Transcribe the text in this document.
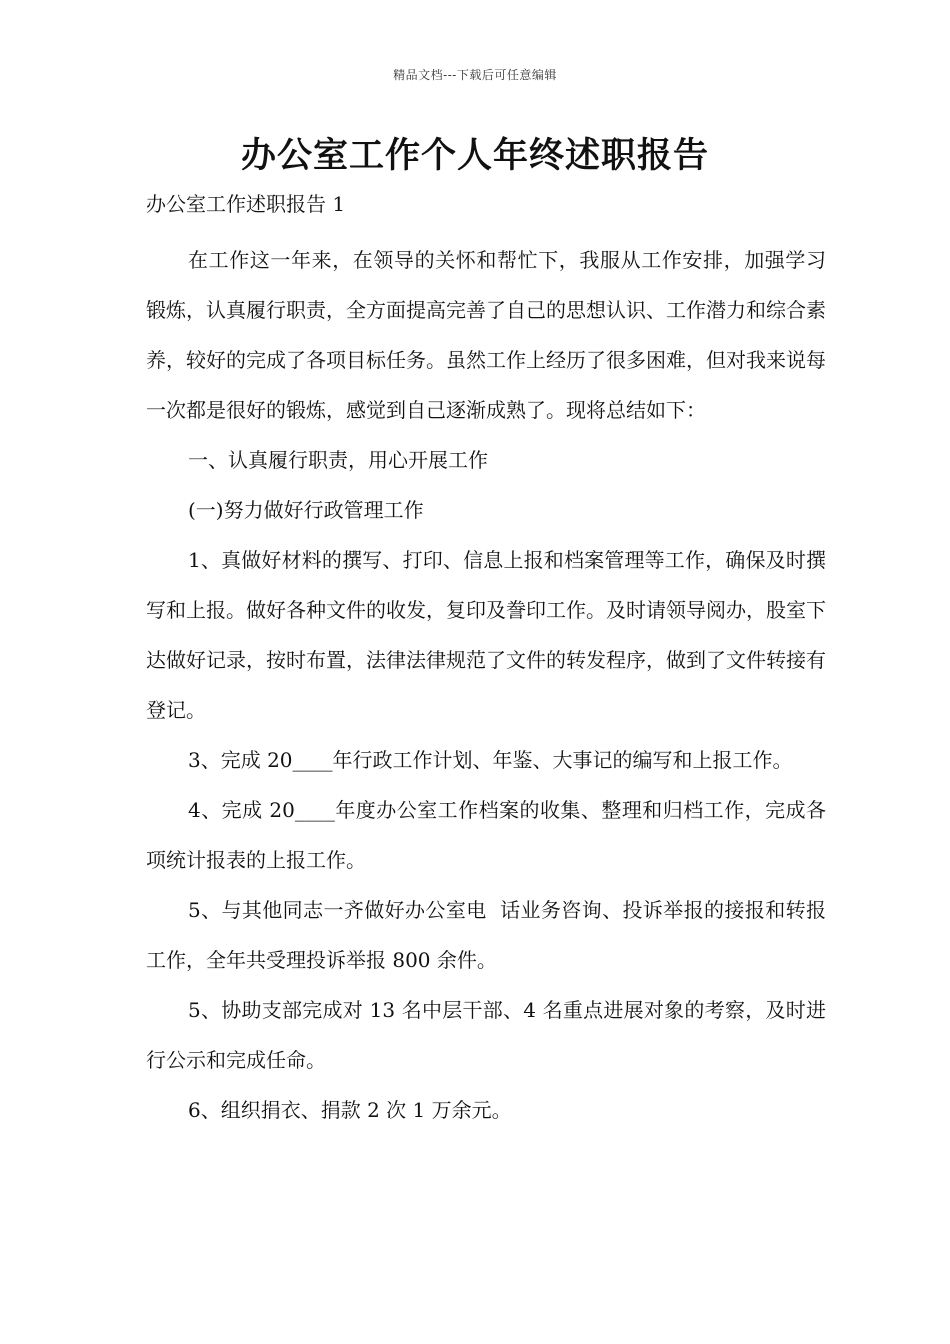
精品文档---下载后可任意编辑
办公室工作个人年终述职报告
办公室工作述职报告 1

在工作这一年来，在领导的关怀和帮忙下，我服从工作安排，加强学习锻炼，认真履行职责，全方面提高完善了自己的思想认识、工作潜力和综合素养，较好的完成了各项目标任务。虽然工作上经历了很多困难，但对我来说每一次都是很好的锻炼，感觉到自己逐渐成熟了。现将总结如下：

一、认真履行职责，用心开展工作

(一)努力做好行政管理工作

1、真做好材料的撰写、打印、信息上报和档案管理等工作，确保及时撰写和上报。做好各种文件的收发，复印及誊印工作。及时请领导阅办，股室下达做好记录，按时布置，法律法律规范了文件的转发程序，做到了文件转接有登记。

3、完成 20____年行政工作计划、年鉴、大事记的编写和上报工作。

4、完成 20____年度办公室工作档案的收集、整理和归档工作，完成各项统计报表的上报工作。

5、与其他同志一齐做好办公室电  话业务咨询、投诉举报的接报和转报工作，全年共受理投诉举报 800 余件。

5、协助支部完成对 13 名中层干部、4 名重点进展对象的考察，及时进行公示和完成任命。

6、组织捐衣、捐款 2 次 1 万余元。
